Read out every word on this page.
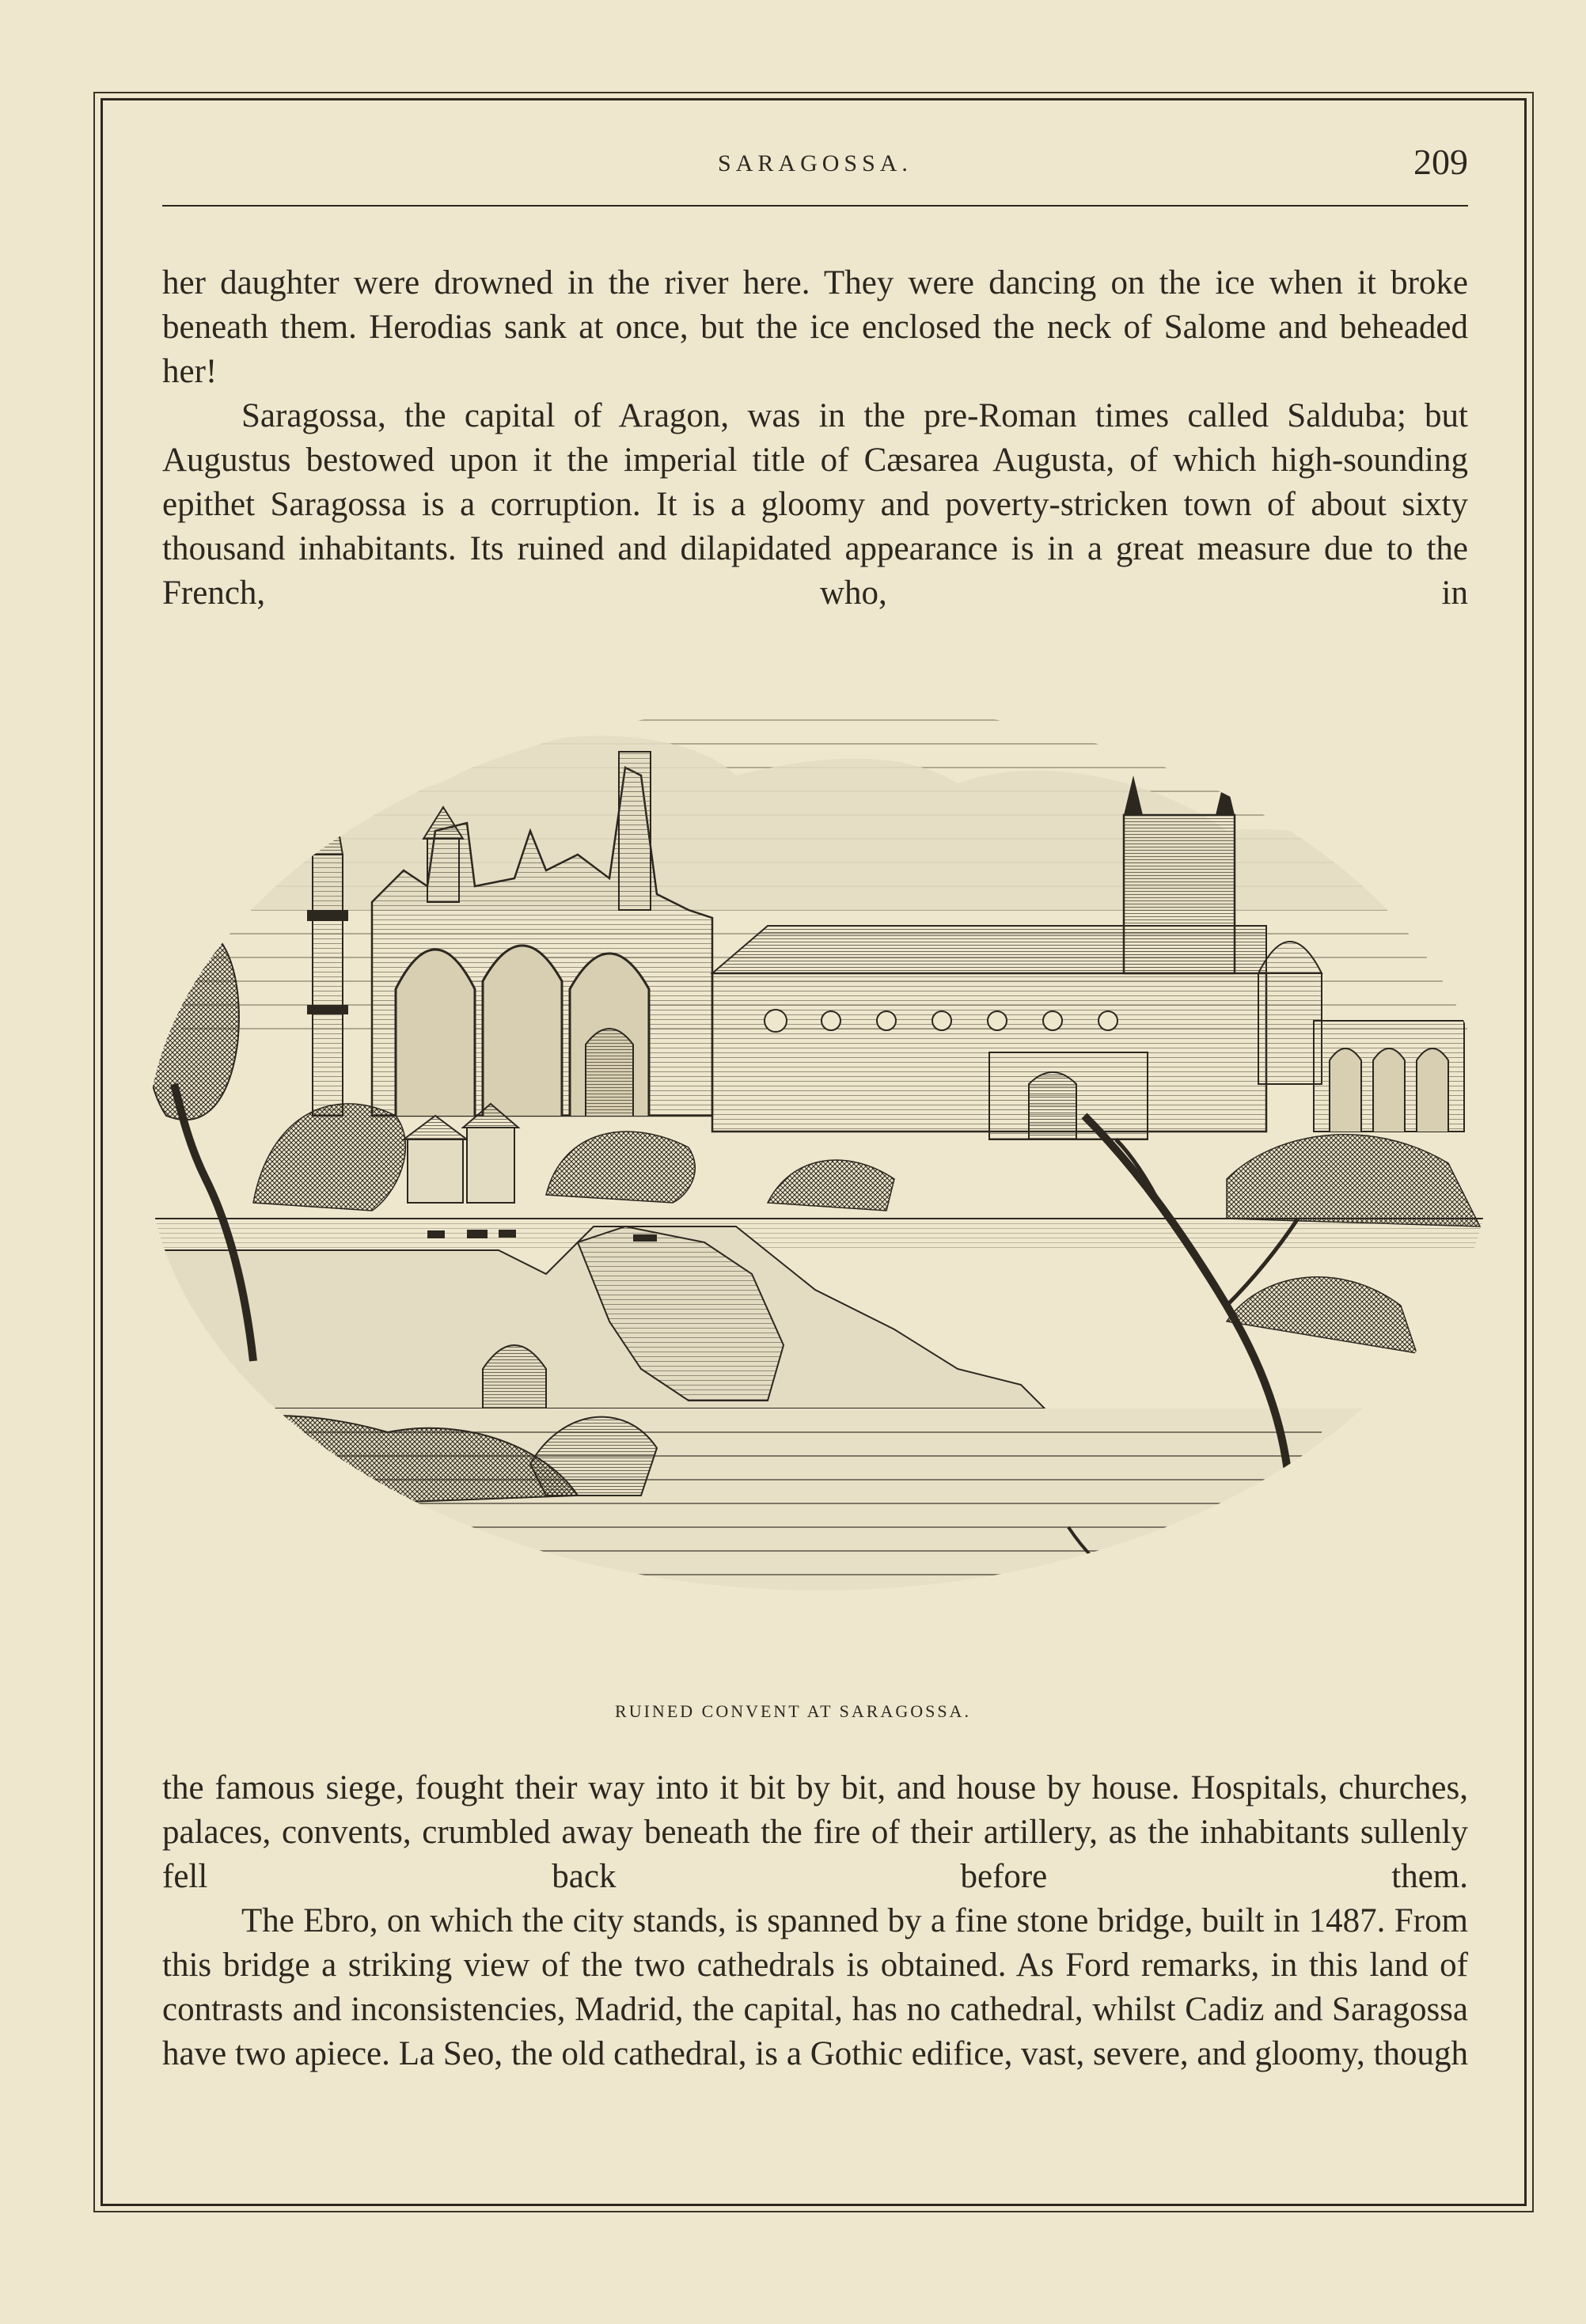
SARAGOSSA.	209

her daughter were drowned in the river here. They were dancing on the ice when it broke beneath them. Herodias sank at once, but the ice enclosed the neck of Salome and beheaded her!

Saragossa, the capital of Aragon, was in the pre-Roman times called Salduba; but Augustus bestowed upon it the imperial title of Cæsarea Augusta, of which high-sounding epithet Saragossa is a corruption. It is a gloomy and poverty-stricken town of about sixty thousand inhabitants. Its ruined and dilapidated appearance is in a great measure due to the French, who, in

RUINED CONVENT AT SARAGOSSA.

the famous siege, fought their way into it bit by bit, and house by house. Hospitals, churches, palaces, convents, crumbled away beneath the fire of their artillery, as the inhabitants sullenly fell back before them.

The Ebro, on which the city stands, is spanned by a fine stone bridge, built in 1487. From this bridge a striking view of the two cathedrals is obtained. As Ford remarks, in this land of contrasts and inconsistencies, Madrid, the capital, has no cathedral, whilst Cadiz and Saragossa have two apiece. La Seo, the old cathedral, is a Gothic edifice, vast, severe, and gloomy, though
